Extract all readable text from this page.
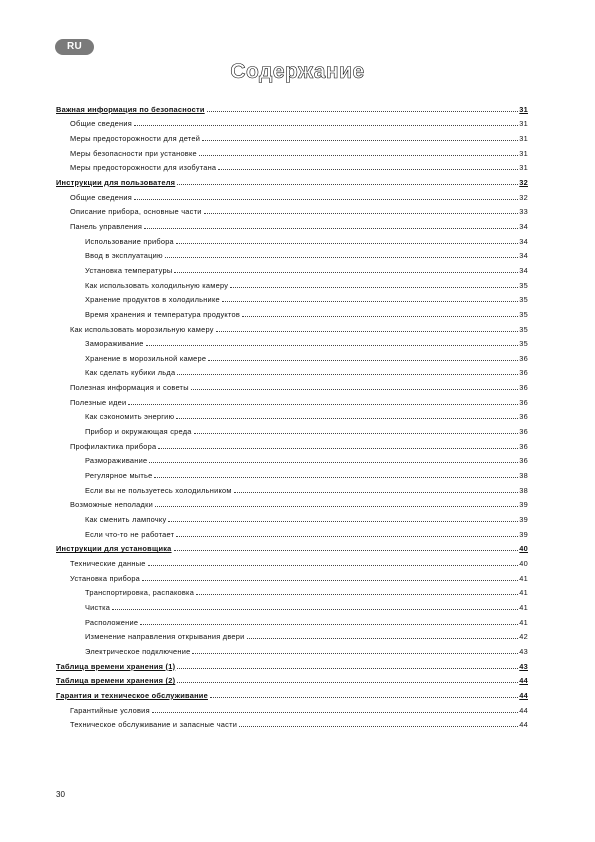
RU
Содержание
Важная информация по безопасности	31
Общие сведения	31
Меры предосторожности для детей	31
Меры безопасности при установке	31
Меры предосторожности для изобутана	31
Инструкции для пользователя	32
Общие сведения	32
Описание прибора, основные части	33
Панель управления	34
Использование прибора	34
Ввод в эксплуатацию	34
Установка температуры	34
Как использовать холодильную камеру	35
Хранение продуктов в холодильнике	35
Время хранения и температура продуктов	35
Как использовать морозильную камеру	35
Замораживание	35
Хранение в морозильной камере	36
Как сделать кубики льда	36
Полезная информация и советы	36
Полезные идеи	36
Как сэкономить энергию	36
Прибор и окружающая среда	36
Профилактика прибора	36
Размораживание	36
Регулярное мытье	38
Если вы не пользуетесь холодильником	38
Возможные неполадки	39
Как сменить лампочку	39
Если что-то не работает	39
Инструкции для установщика	40
Технические данные	40
Установка прибора	41
Транспортировка, распаковка	41
Чистка	41
Расположение	41
Изменение направления открывания двери	42
Электрическое подключение	43
Таблица времени хранения (1)	43
Таблица времени хранения (2)	44
Гарантия и техническое обслуживание	44
Гарантийные условия	44
Техническое обслуживание и запасные части	44
30
